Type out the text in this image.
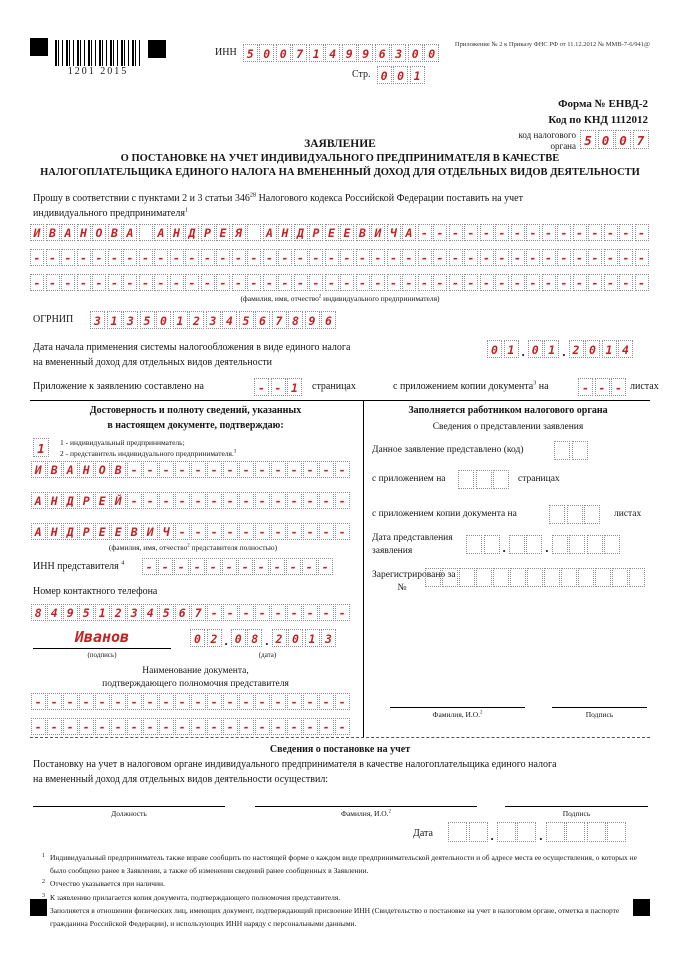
1201 2015
ИНН 5 0 0 7 1 4 9 9 6 3 0 0
Стр. 0 0 1
Приложение № 2 к Приказу ФНС РФ от 11.12.2012 № ММВ-7-6/941@
Форма № ЕНВД-2
Код по КНД 1112012
код налогового
органа 5 0 0 7
ЗАЯВЛЕНИЕ
О ПОСТАНОВКЕ НА УЧЕТ ИНДИВИДУАЛЬНОГО ПРЕДПРИНИМАТЕЛЯ В КАЧЕСТВЕ
НАЛОГОПЛАТЕЛЬЩИКА ЕДИНОГО НАЛОГА НА ВМЕНЕННЫЙ ДОХОД ДЛЯ ОТДЕЛЬНЫХ ВИДОВ ДЕЯТЕЛЬНОСТИ
Прошу в соответствии с пунктами 2 и 3 статьи $346^{28}$ Налогового кодекса Российской Федерации поставить на учет
индивидуального предпринимателя$^1$
И В А Н О В А	А Н Д Р Е Я	А Н Д Р Е Е В И Ч А - - - - - - - - - - - - - - -
- - - - - - - - - - - - - - - - - - - - - - - - - - - - - - - - - - - - - - - -
- - - - - - - - - - - - - - - - - - - - - - - - - - - - - - - - - - - - - - - -
(фамилия, имя, отчество$^2$ индивидуального предпринимателя)
ОГРНИП	3 1 3 5 0 1 2 3 4 5 6 7 8 9 6
Дата начала применения системы налогообложения в виде единого налога
на вмененный доход для отдельных видов деятельности
0 1 .	0 1 .	2 0 1 4
Приложение к заявлению составлено на	- - 1	страницах	с приложением копии документа$^3$ на	- - - листах
Достоверность и полноту сведений, указанных
в настоящем документе, подтверждаю:
1	1 - индивидуальный предприниматель;
2 - представитель индивидуального предпринимателя.$^3$
И В А Н О В - - - - - - - - - - - - - -
А Н Д Р Е Й - - - - - - - - - - - - - -
А Н Д Р Е Е В И Ч - - - - - - - - - - -
(фамилия, имя, отчество$^2$ представителя полностью)
ИНН представителя $^4$	- - - - - - - - - - - -
Номер контактного телефона
8 4 9 5 1 2 3 4 5 6 7 - - - - - - - - -
Иванов
(подпись)
0 2 .	0 8 .	2 0 1 3
(дата)
Наименование документа,
подтверждающего полномочия представителя
- - - - - - - - - - - - - - - - - - - -
- - - - - - - - - - - - - - - - - - - -
Заполняется работником налогового органа
Сведения о представлении заявления
Данное заявление представлено (код)
с приложением на	страницах
с приложением копии документа на	листах
Дата представления
заявления
.
.
Зарегистрировано за
№
Фамилия, И.О.$^2$	Подпись
Сведения о постановке на учет
Постановку на учет в налоговом органе индивидуального предпринимателя в качестве налогоплательщика единого налога
на вмененный доход для отдельных видов деятельности осуществил:
Должность	Фамилия, И.О.$^2$	Подпись
Дата
.
.
1 Индивидуальный предприниматель также вправе сообщить по настоящей форме о каждом виде предпринимательской деятельности и об адресе места ее осуществления, о которых не было сообщено ранее в Заявлении, а также об изменении сведений ранее сообщенных в Заявлении.
2 Отчество указывается при наличии.
3 К заявлению прилагается копия документа, подтверждающего полномочия представителя.
Заполняется в отношении физических лиц, имеющих документ, подтверждающий присвоение ИНН (Свидетельство о постановке на учет в налоговом органе, отметка в паспорте гражданина Российской Федерации), и использующих ИНН наряду с персональными данными.
